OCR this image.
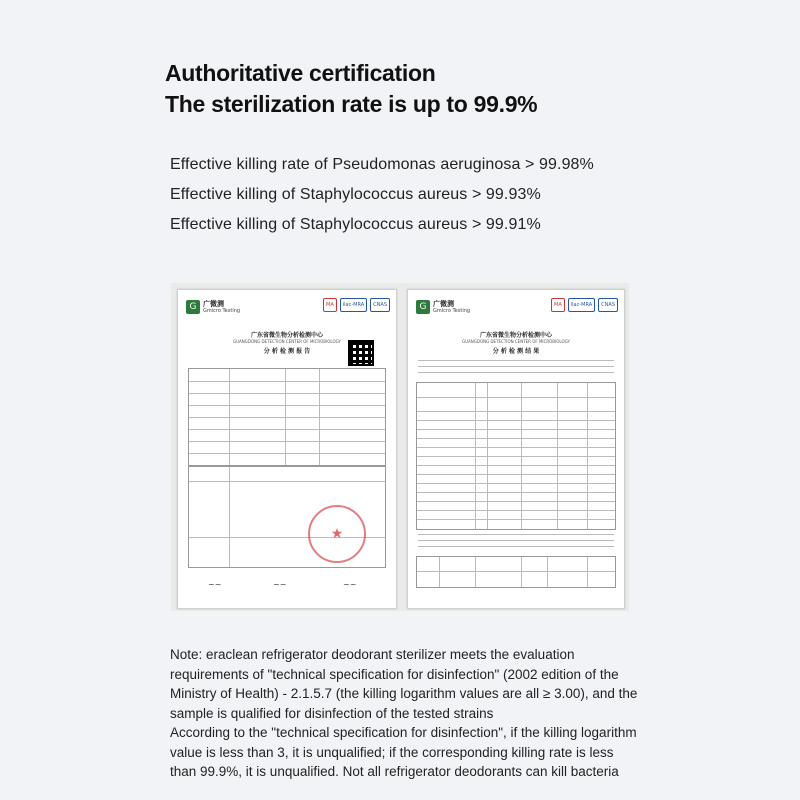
Authoritative certification
The sterilization rate is up to 99.9%
Effective killing rate of Pseudomonas aeruginosa > 99.98%
Effective killing of Staphylococcus aureus > 99.93%
Effective killing of Staphylococcus aureus > 99.91%
G 广微测
Gmicro Testing
MA	ilac-MRA	CNAS
广东省微生物分析检测中心
GUANGDONG DETECTION CENTER OF MICROBIOLOGY
分 析 检 测 报 告
★
~~	~~	~~
G 广微测
Gmicro Testing
MA	ilac-MRA	CNAS
广东省微生物分析检测中心
GUANGDONG DETECTION CENTER OF MICROBIOLOGY
分 析 检 测 结 果
Note: eraclean refrigerator deodorant sterilizer meets the evaluation requirements of "technical specification for disinfection" (2002 edition of the Ministry of Health) - 2.1.5.7 (the killing logarithm values are all ≥ 3.00), and the sample is qualified for disinfection of the tested strains
According to the "technical specification for disinfection", if the killing logarithm value is less than 3, it is unqualified; if the corresponding killing rate is less than 99.9%, it is unqualified. Not all refrigerator deodorants can kill bacteria
